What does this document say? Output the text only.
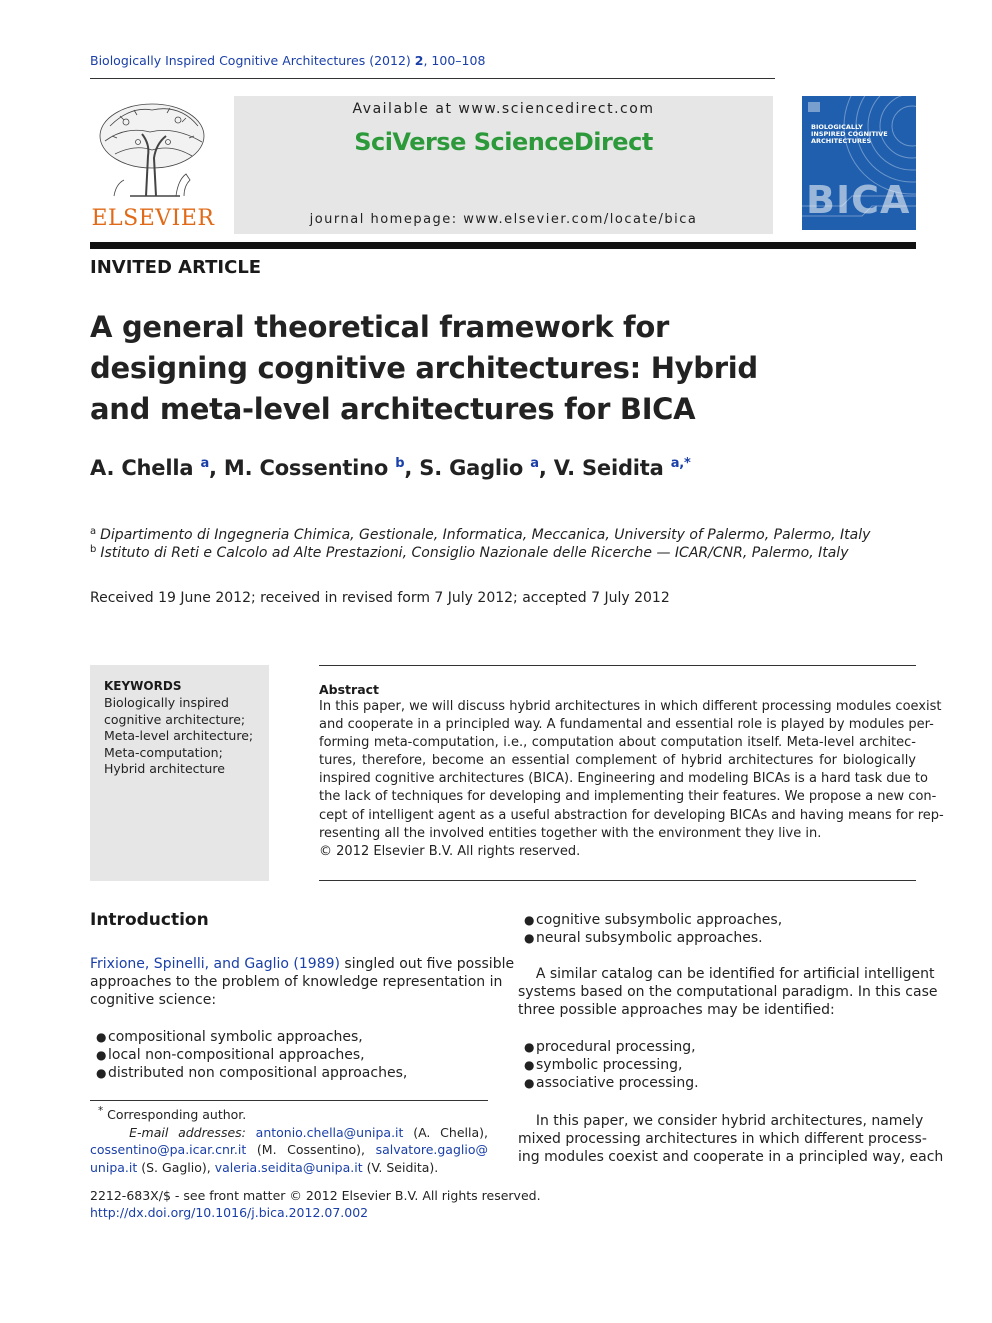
Biologically Inspired Cognitive Architectures (2012) 2, 100–108
ELSEVIER
Available at www.sciencedirect.com
SciVerse ScienceDirect
journal homepage: www.elsevier.com/locate/bica
BIOLOGICALLY INSPIRED COGNITIVE ARCHITECTURES
BICA
INVITED ARTICLE
A general theoretical framework for
designing cognitive architectures: Hybrid
and meta-level architectures for BICA
A. Chella $^a$, M. Cossentino $^b$, S. Gaglio $^a$, V. Seidita $^{a,*}$
$^a$ Dipartimento di Ingegneria Chimica, Gestionale, Informatica, Meccanica, University of Palermo, Palermo, Italy
$^b$ Istituto di Reti e Calcolo ad Alte Prestazioni, Consiglio Nazionale delle Ricerche — ICAR/CNR, Palermo, Italy
Received 19 June 2012; received in revised form 7 July 2012; accepted 7 July 2012
KEYWORDS
Biologically inspired
cognitive architecture;
Meta-level architecture;
Meta-computation;
Hybrid architecture
Abstract
In this paper, we will discuss hybrid architectures in which different processing modules coexist
and cooperate in a principled way. A fundamental and essential role is played by modules per-
forming meta-computation, i.e., computation about computation itself. Meta-level architec-
tures, therefore, become an essential complement of hybrid architectures for biologically
inspired cognitive architectures (BICA). Engineering and modeling BICAs is a hard task due to
the lack of techniques for developing and implementing their features. We propose a new con-
cept of intelligent agent as a useful abstraction for developing BICAs and having means for rep-
resenting all the involved entities together with the environment they live in.
© 2012 Elsevier B.V. All rights reserved.
Introduction
Frixione, Spinelli, and Gaglio (1989) singled out five possible
approaches to the problem of knowledge representation in
cognitive science:
● compositional symbolic approaches,
● local non-compositional approaches,
● distributed non compositional approaches,
* Corresponding author.
E-mail addresses: antonio.chella@unipa.it (A. Chella),
cossentino@pa.icar.cnr.it (M. Cossentino), salvatore.gaglio@
unipa.it (S. Gaglio), valeria.seidita@unipa.it (V. Seidita).
2212-683X/$ - see front matter © 2012 Elsevier B.V. All rights reserved.
http://dx.doi.org/10.1016/j.bica.2012.07.002
● cognitive subsymbolic approaches,
● neural subsymbolic approaches.
A similar catalog can be identified for artificial intelligent
systems based on the computational paradigm. In this case
three possible approaches may be identified:
● procedural processing,
● symbolic processing,
● associative processing.
In this paper, we consider hybrid architectures, namely
mixed processing architectures in which different process-
ing modules coexist and cooperate in a principled way, each
